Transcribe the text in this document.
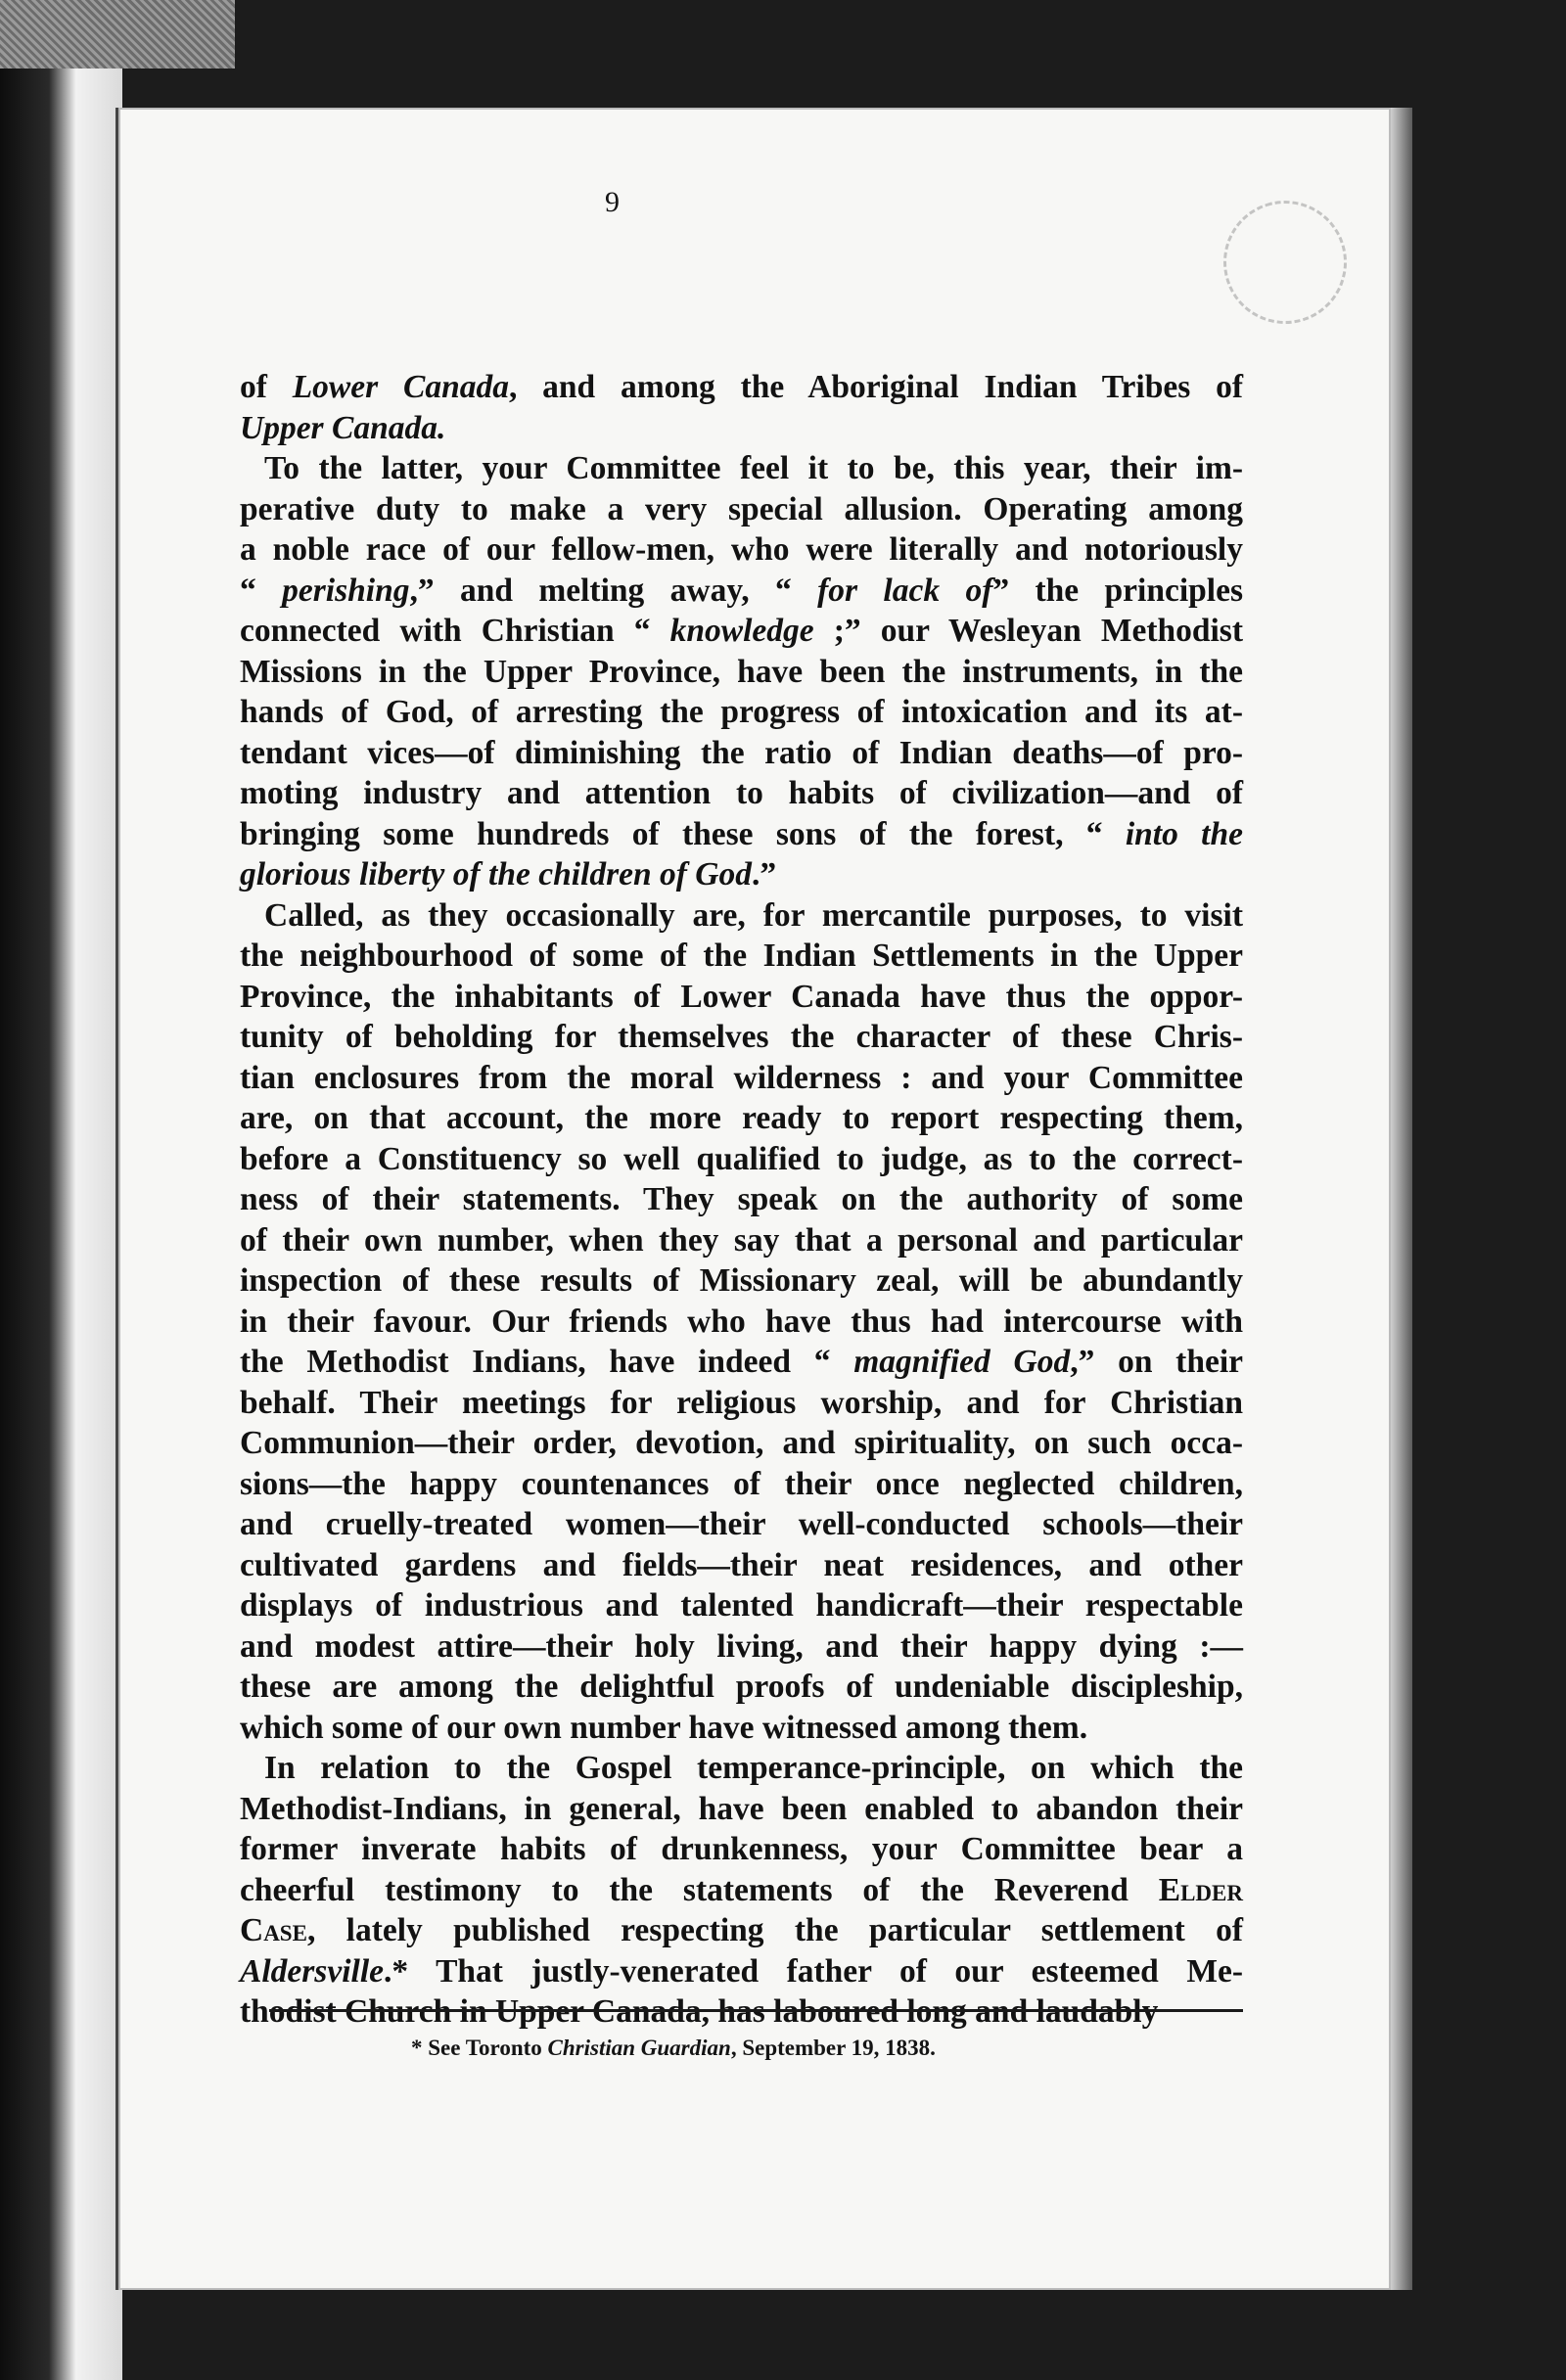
9
of Lower Canada, and among the Aboriginal Indian Tribes of
Upper Canada.
To the latter, your Committee feel it to be, this year, their im-
perative duty to make a very special allusion. Operating among
a noble race of our fellow-men, who were literally and notoriously
“ perishing,” and melting away, “ for lack of” the principles
connected with Christian “ knowledge ;” our Wesleyan Methodist
Missions in the Upper Province, have been the instruments, in the
hands of God, of arresting the progress of intoxication and its at-
tendant vices—of diminishing the ratio of Indian deaths—of pro-
moting industry and attention to habits of civilization—and of
bringing some hundreds of these sons of the forest, “ into the
glorious liberty of the children of God.”
Called, as they occasionally are, for mercantile purposes, to visit
the neighbourhood of some of the Indian Settlements in the Upper
Province, the inhabitants of Lower Canada have thus the oppor-
tunity of beholding for themselves the character of these Chris-
tian enclosures from the moral wilderness : and your Committee
are, on that account, the more ready to report respecting them,
before a Constituency so well qualified to judge, as to the correct-
ness of their statements. They speak on the authority of some
of their own number, when they say that a personal and particular
inspection of these results of Missionary zeal, will be abundantly
in their favour. Our friends who have thus had intercourse with
the Methodist Indians, have indeed “ magnified God,” on their
behalf. Their meetings for religious worship, and for Christian
Communion—their order, devotion, and spirituality, on such occa-
sions—the happy countenances of their once neglected children,
and cruelly-treated women—their well-conducted schools—their
cultivated gardens and fields—their neat residences, and other
displays of industrious and talented handicraft—their respectable
and modest attire—their holy living, and their happy dying :—
these are among the delightful proofs of undeniable discipleship,
which some of our own number have witnessed among them.
In relation to the Gospel temperance-principle, on which the
Methodist-Indians, in general, have been enabled to abandon their
former inverate habits of drunkenness, your Committee bear a
cheerful testimony to the statements of the Reverend Elder
Case, lately published respecting the particular settlement of
Aldersville.* That justly-venerated father of our esteemed Me-
thodist Church in Upper Canada, has laboured long and laudably
* See Toronto Christian Guardian, September 19, 1838.
